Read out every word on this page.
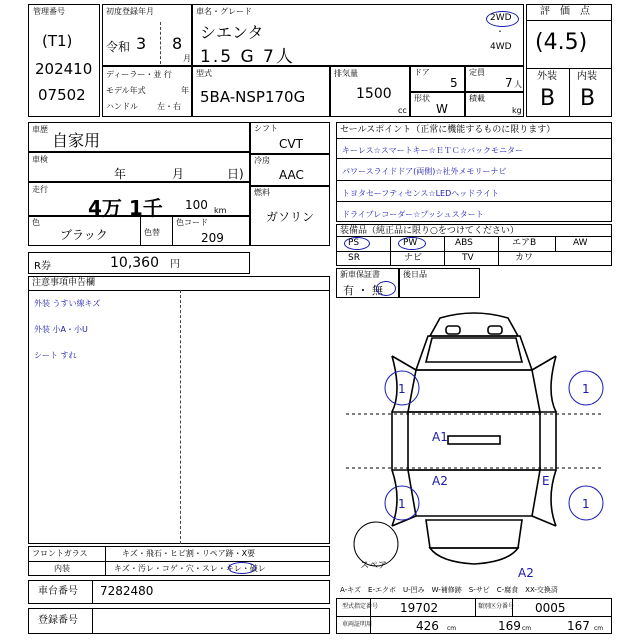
管理番号
(T1)
202410
07502
初度登録年月
令和 3 8
月
車名・グレード
シエンタ
1.5 G 7人
2WD
・
4WD
評　価　点
(4.5)
外装 内装
B B
ディーラー・並 行
モデル年式	年
ハンドル 左・右
型式
5BA-NSP170G
排気量
1500
cc
ドア
5
定員
7 人
形状
W
積載
kg
車歴
自家用
車検
年	月	日)
走行
4万 1千 100 km
色
ブラック	色替
色コード
209
R券	10,360 円
シフト
CVT
冷房
AAC
燃料
ガソリン
セールスポイント（正常に機能するものに限ります）
キーレス☆スマートキー☆ＥＴＣ☆バックモニター
パワースライドドア(両側)☆社外メモリーナビ
トヨタセーフティセンス☆LEDヘッドライト
ドライブレコーダー☆プッシュスタート
装備品（純正品に限り○をつけてください）
PS	PW	ABS	エアB	AW
SR	ナビ	TV	カワ
新車保証書
有 ・ 無
後日品
注意事項申告欄
外装 うすい線キズ
外装 小A・小U
シート すれ
1	1
1	1
A1
A2	E
A2
スペア
フロントガラス	キズ・飛石・ヒビ割・リペア跡・X要
内装	キズ・汚レ・コゲ・穴・スレ・キレ・破レ
車台番号 7282480
登録番号
A-キズ　E-エクボ　U-凹み　W-補修跡　S-サビ　C-腐食　XX-交換済
型式指定番号 19702	類別区分番号 0005
車両証明用	426 cm	169 cm	167 cm
